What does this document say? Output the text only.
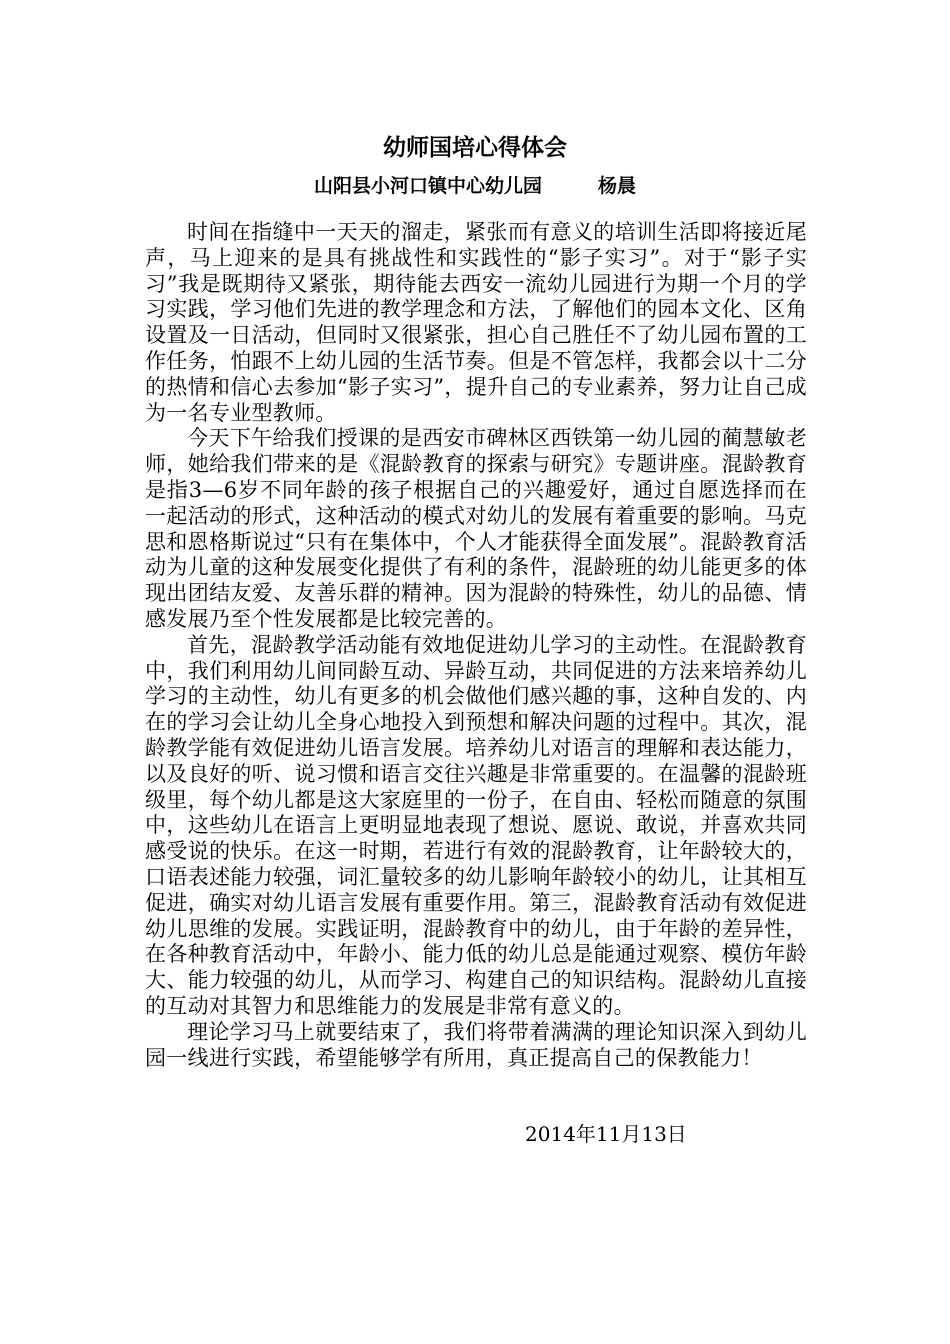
幼师国培心得体会
山阳县小河口镇中心幼儿园	杨晨

时间在指缝中一天天的溜走，紧张而有意义的培训生活即将接近尾声，马上迎来的是具有挑战性和实践性的“影子实习”。对于“影子实习”我是既期待又紧张，期待能去西安一流幼儿园进行为期一个月的学习实践，学习他们先进的教学理念和方法，了解他们的园本文化、区角设置及一日活动，但同时又很紧张，担心自己胜任不了幼儿园布置的工作任务，怕跟不上幼儿园的生活节奏。但是不管怎样，我都会以十二分的热情和信心去参加“影子实习”，提升自己的专业素养，努力让自己成为一名专业型教师。

今天下午给我们授课的是西安市碑林区西铁第一幼儿园的蔺慧敏老师，她给我们带来的是《混龄教育的探索与研究》专题讲座。混龄教育是指3—6岁不同年龄的孩子根据自己的兴趣爱好，通过自愿选择而在一起活动的形式，这种活动的模式对幼儿的发展有着重要的影响。马克思和恩格斯说过“只有在集体中，个人才能获得全面发展”。混龄教育活动为儿童的这种发展变化提供了有利的条件，混龄班的幼儿能更多的体现出团结友爱、友善乐群的精神。因为混龄的特殊性，幼儿的品德、情感发展乃至个性发展都是比较完善的。

首先，混龄教学活动能有效地促进幼儿学习的主动性。在混龄教育中，我们利用幼儿间同龄互动、异龄互动，共同促进的方法来培养幼儿学习的主动性，幼儿有更多的机会做他们感兴趣的事，这种自发的、内在的学习会让幼儿全身心地投入到预想和解决问题的过程中。其次，混龄教学能有效促进幼儿语言发展。培养幼儿对语言的理解和表达能力，以及良好的听、说习惯和语言交往兴趣是非常重要的。在温馨的混龄班级里，每个幼儿都是这大家庭里的一份子，在自由、轻松而随意的氛围中，这些幼儿在语言上更明显地表现了想说、愿说、敢说，并喜欢共同感受说的快乐。在这一时期，若进行有效的混龄教育，让年龄较大的，口语表述能力较强，词汇量较多的幼儿影响年龄较小的幼儿，让其相互促进，确实对幼儿语言发展有重要作用。第三，混龄教育活动有效促进幼儿思维的发展。实践证明，混龄教育中的幼儿，由于年龄的差异性，在各种教育活动中，年龄小、能力低的幼儿总是能通过观察、模仿年龄大、能力较强的幼儿，从而学习、构建自己的知识结构。混龄幼儿直接的互动对其智力和思维能力的发展是非常有意义的。

理论学习马上就要结束了，我们将带着满满的理论知识深入到幼儿园一线进行实践，希望能够学有所用，真正提高自己的保教能力！

2014年11月13日
